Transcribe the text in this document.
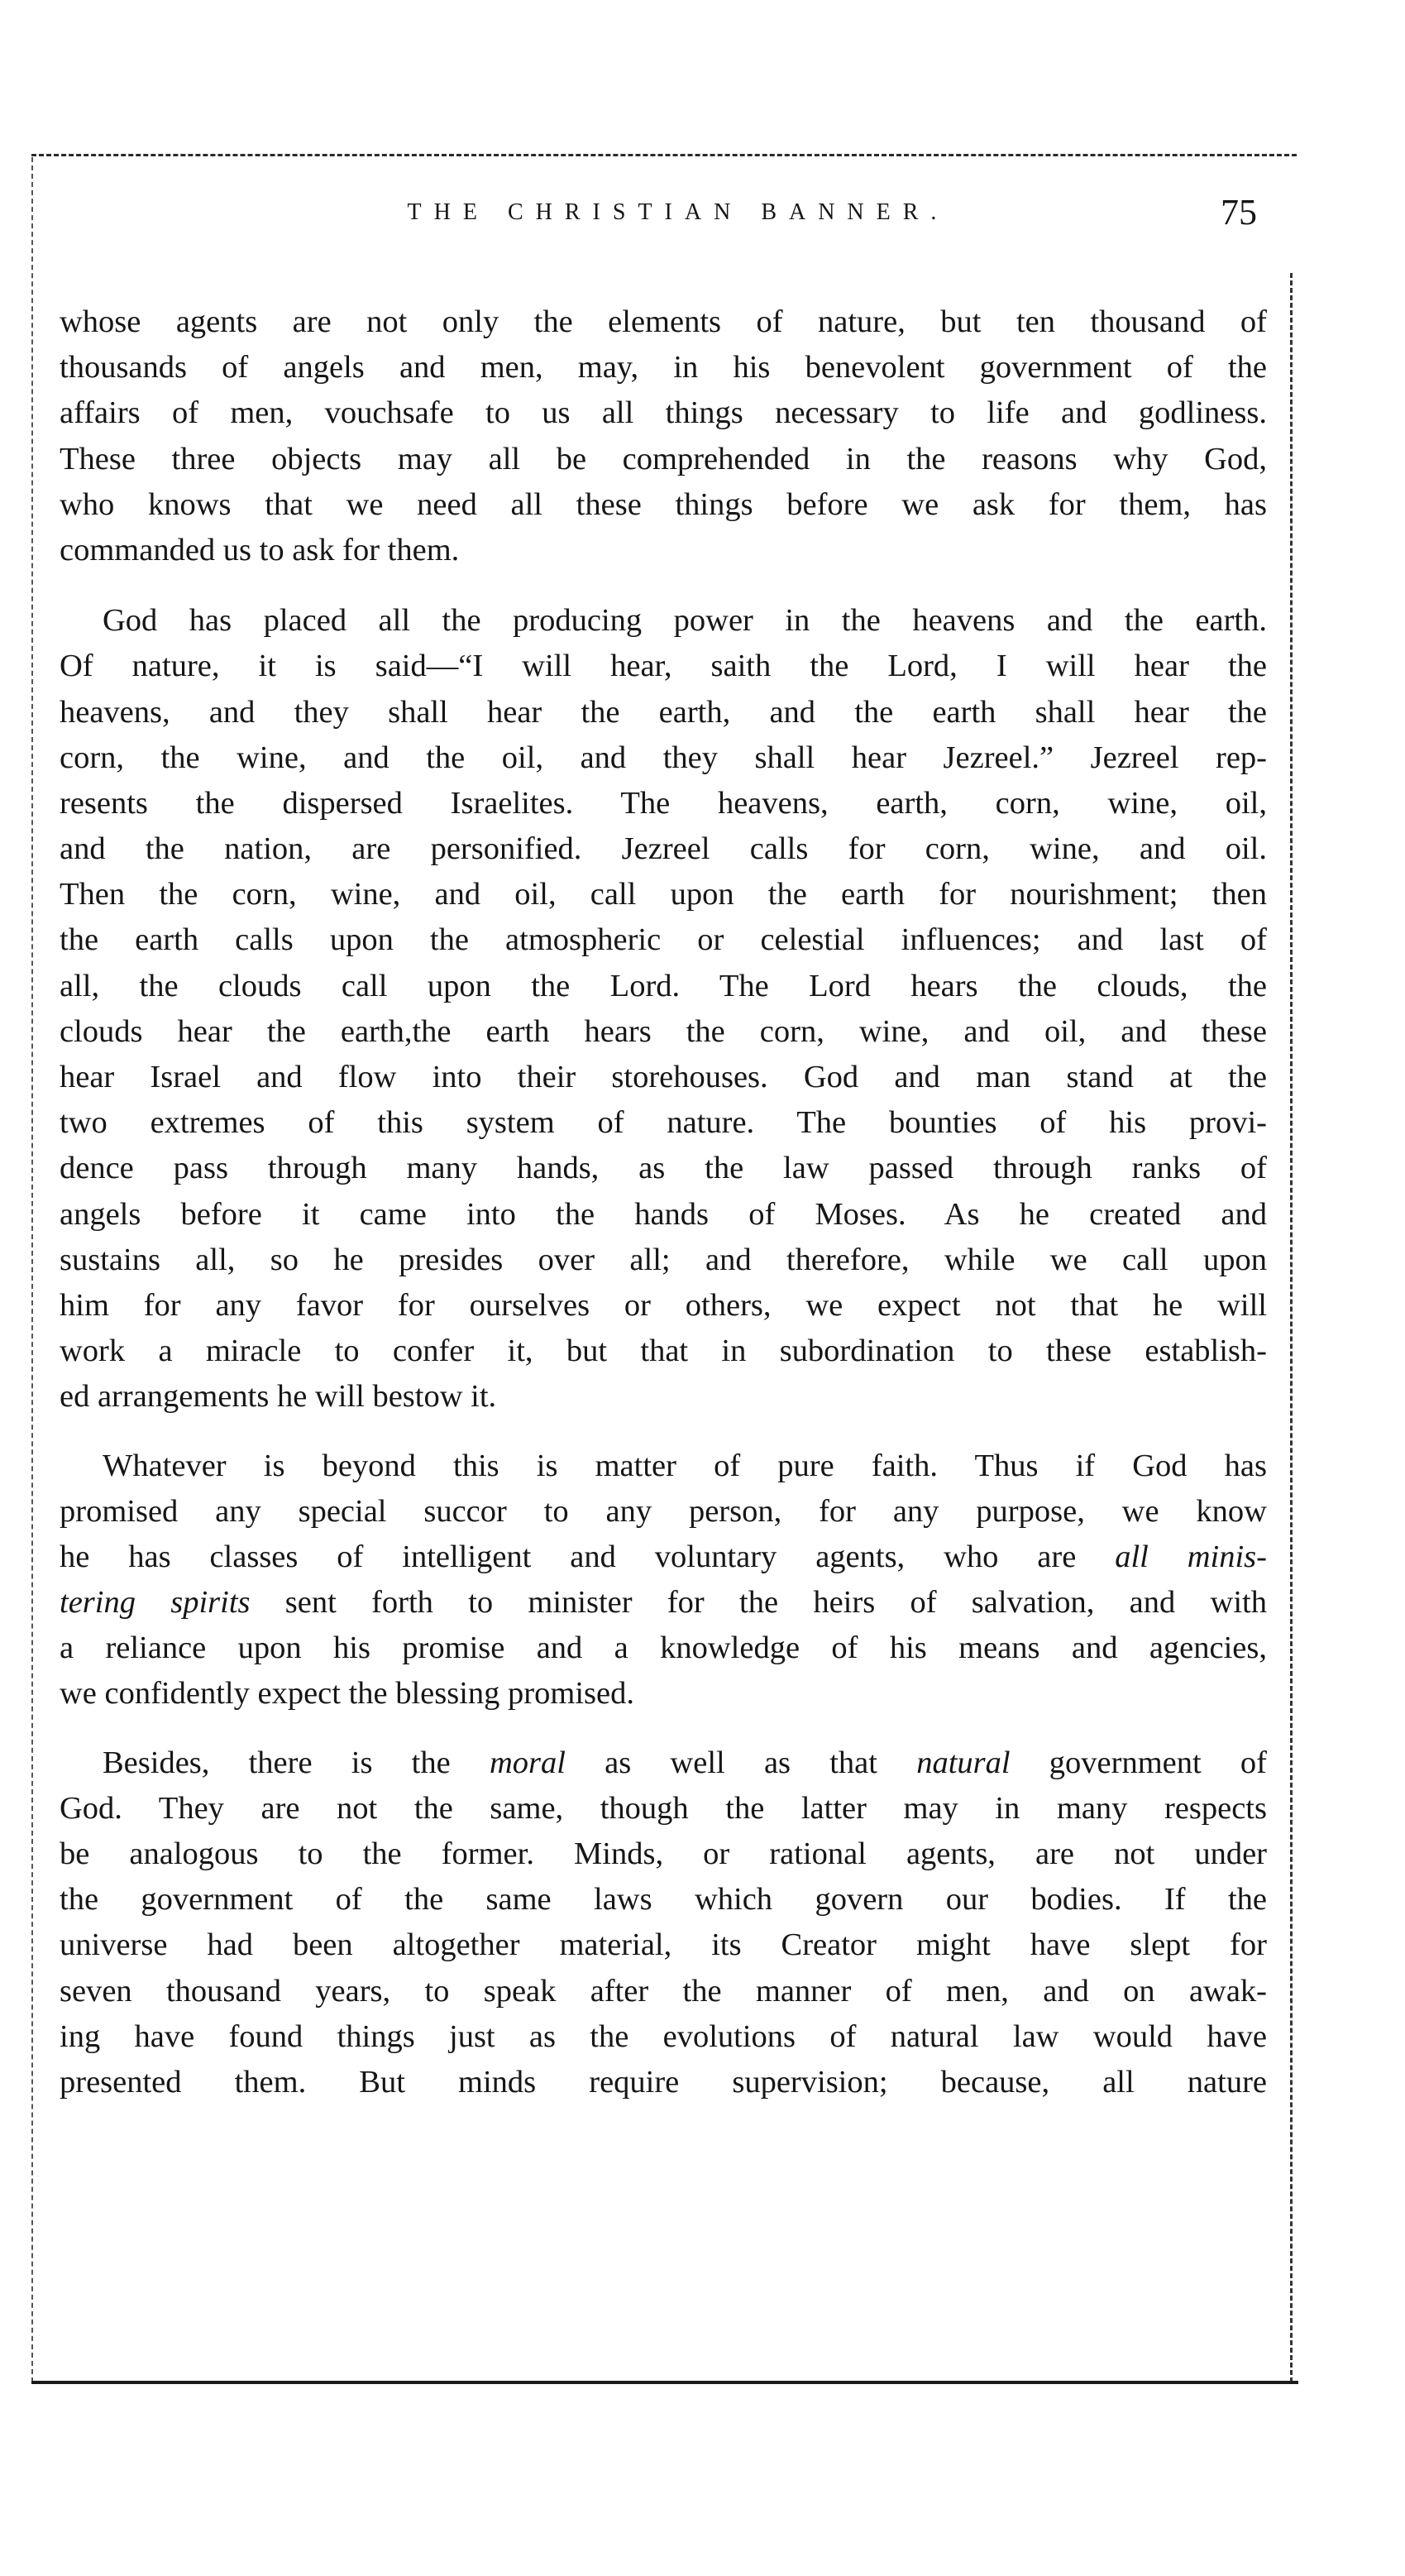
THE CHRISTIAN BANNER.	75
whose agents are not only the elements of nature, but ten thousand of
thousands of angels and men, may, in his benevolent government of the
affairs of men, vouchsafe to us all things necessary to life and godliness.
These three objects may all be comprehended in the reasons why God,
who knows that we need all these things before we ask for them, has
commanded us to ask for them.
God has placed all the producing power in the heavens and the earth.
Of nature, it is said—“I will hear, saith the Lord, I will hear the
heavens, and they shall hear the earth, and the earth shall hear the
corn, the wine, and the oil, and they shall hear Jezreel.” Jezreel rep-
resents the dispersed Israelites. The heavens, earth, corn, wine, oil,
and the nation, are personified. Jezreel calls for corn, wine, and oil.
Then the corn, wine, and oil, call upon the earth for nourishment; then
the earth calls upon the atmospheric or celestial influences; and last of
all, the clouds call upon the Lord. The Lord hears the clouds, the
clouds hear the earth,the earth hears the corn, wine, and oil, and these
hear Israel and flow into their storehouses. God and man stand at the
two extremes of this system of nature. The bounties of his provi-
dence pass through many hands, as the law passed through ranks of
angels before it came into the hands of Moses. As he created and
sustains all, so he presides over all; and therefore, while we call upon
him for any favor for ourselves or others, we expect not that he will
work a miracle to confer it, but that in subordination to these establish-
ed arrangements he will bestow it.
Whatever is beyond this is matter of pure faith. Thus if God has
promised any special succor to any person, for any purpose, we know
he has classes of intelligent and voluntary agents, who are all minis-
tering spirits sent forth to minister for the heirs of salvation, and with
a reliance upon his promise and a knowledge of his means and agencies,
we confidently expect the blessing promised.
Besides, there is the moral as well as that natural government of
God. They are not the same, though the latter may in many respects
be analogous to the former. Minds, or rational agents, are not under
the government of the same laws which govern our bodies. If the
universe had been altogether material, its Creator might have slept for
seven thousand years, to speak after the manner of men, and on awak-
ing have found things just as the evolutions of natural law would have
presented them. But minds require supervision; because, all nature
